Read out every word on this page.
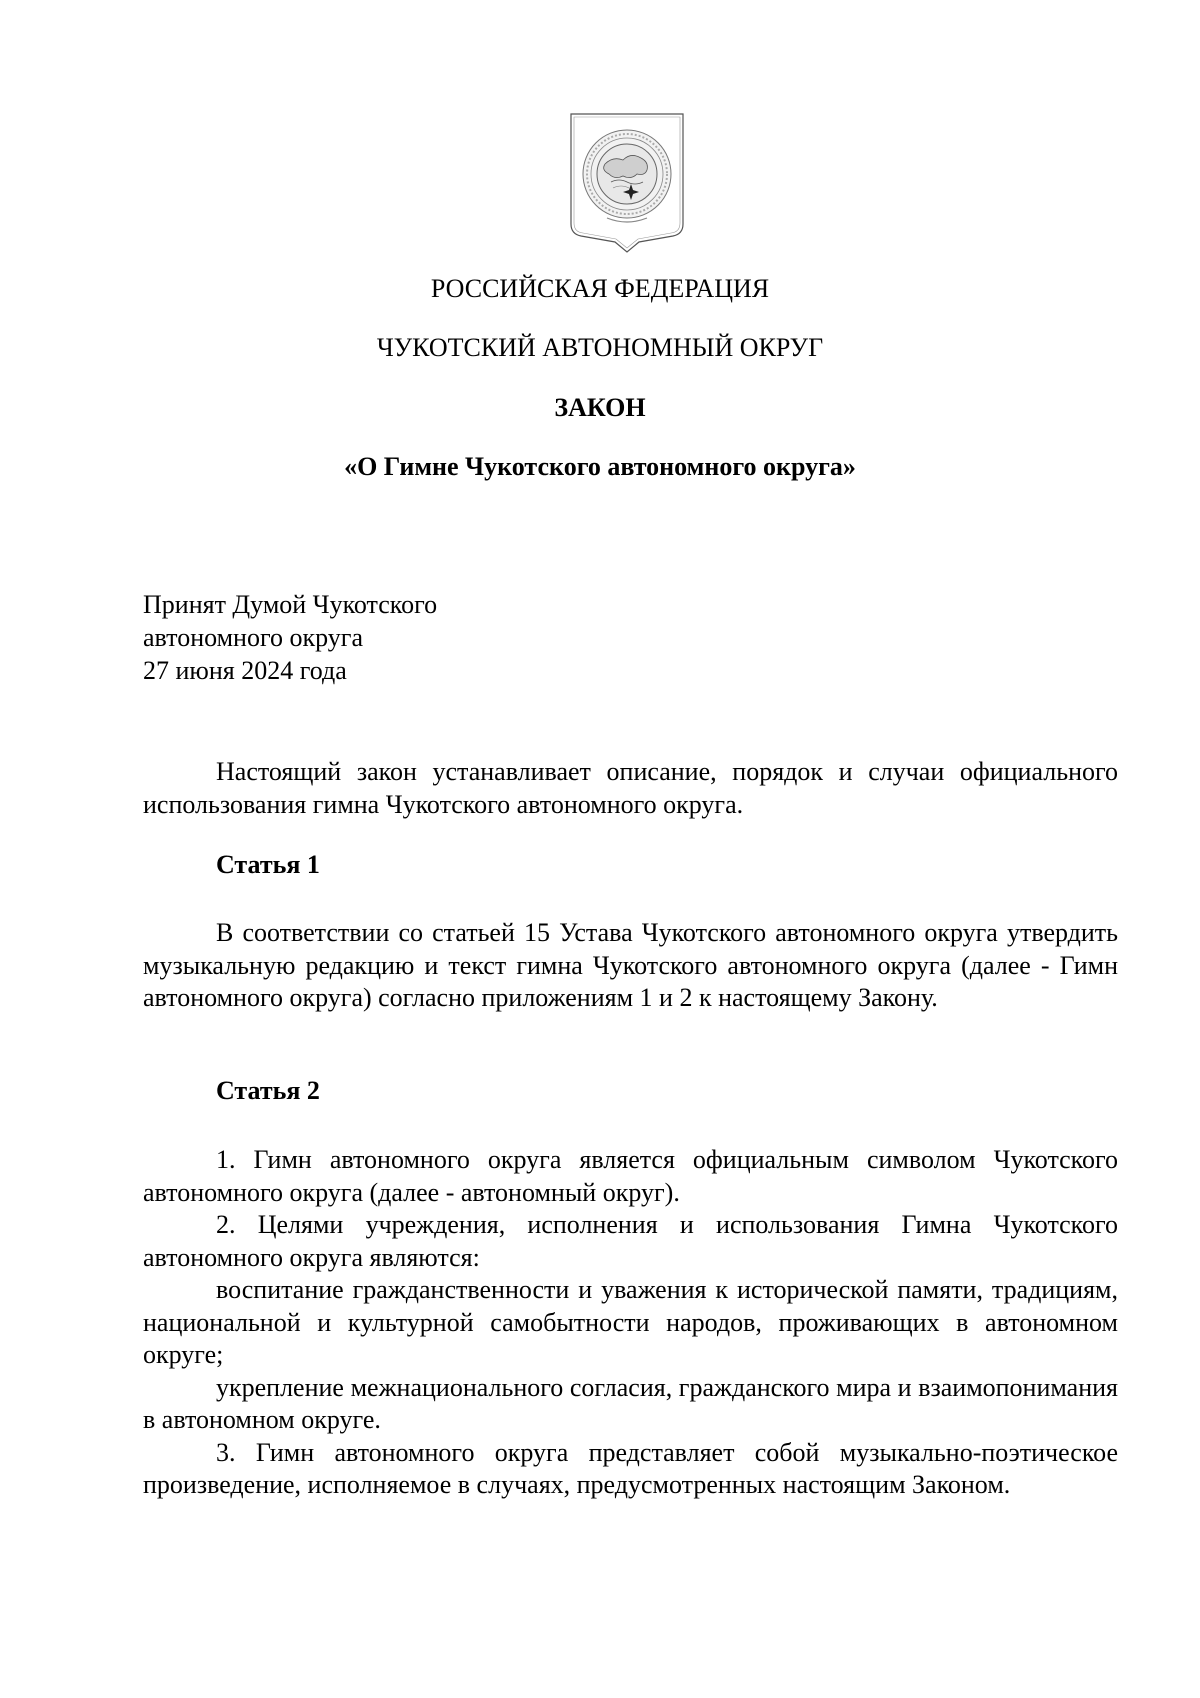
РОССИЙСКАЯ ФЕДЕРАЦИЯ
ЧУКОТСКИЙ АВТОНОМНЫЙ ОКРУГ
ЗАКОН
«О Гимне Чукотского автономного округа»
Принят Думой Чукотского
автономного округа
27 июня 2024 года

Настоящий закон устанавливает описание, порядок и случаи официального использования гимна Чукотского автономного округа.

Статья 1

В соответствии со статьей 15 Устава Чукотского автономного округа утвердить музыкальную редакцию и текст гимна Чукотского автономного округа (далее - Гимн автономного округа) согласно приложениям 1 и 2 к настоящему Закону.

Статья 2

1. Гимн автономного округа является официальным символом Чукотского автономного округа (далее - автономный округ).

2. Целями учреждения, исполнения и использования Гимна Чукотского автономного округа являются:

воспитание гражданственности и уважения к исторической памяти, традициям, национальной и культурной самобытности народов, проживающих в автономном округе;

укрепление межнационального согласия, гражданского мира и взаимопонимания в автономном округе.

3. Гимн автономного округа представляет собой музыкально-поэтическое произведение, исполняемое в случаях, предусмотренных настоящим Законом.
